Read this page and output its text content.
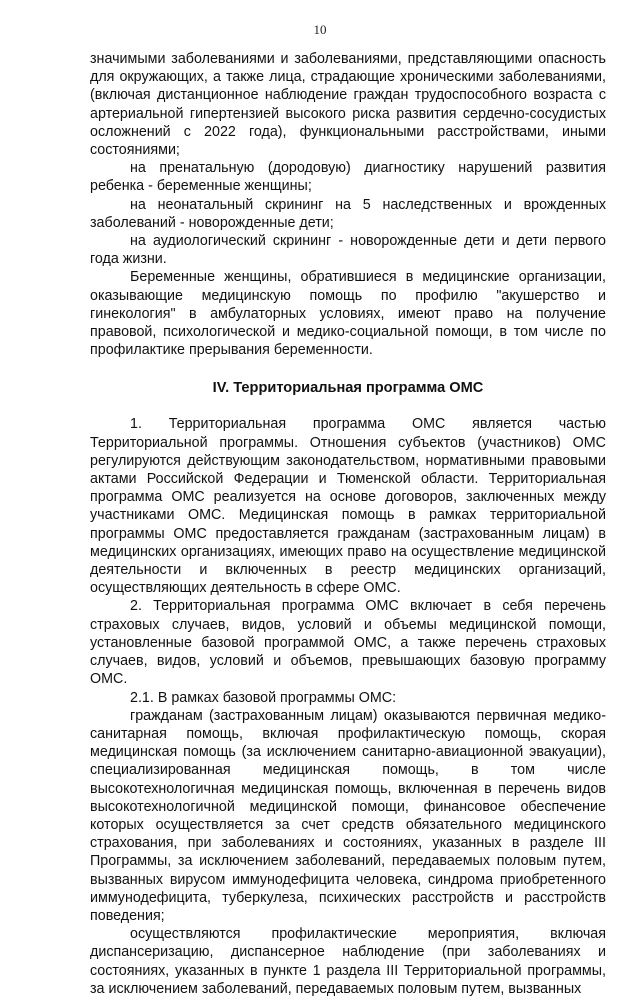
10

значимыми заболеваниями и заболеваниями, представляющими опасность для окружающих, а также лица, страдающие хроническими заболеваниями, (включая дистанционное наблюдение граждан трудоспособного возраста с артериальной гипертензией высокого риска развития сердечно-сосудистых осложнений с 2022 года), функциональными расстройствами, иными состояниями;

на пренатальную (дородовую) диагностику нарушений развития ребенка - беременные женщины;

на неонатальный скрининг на 5 наследственных и врожденных заболеваний - новорожденные дети;

на аудиологический скрининг - новорожденные дети и дети первого года жизни.

Беременные женщины, обратившиеся в медицинские организации, оказывающие медицинскую помощь по профилю "акушерство и гинекология" в амбулаторных условиях, имеют право на получение правовой, психологической и медико-социальной помощи, в том числе по профилактике прерывания беременности.

IV. Территориальная программа ОМС

1. Территориальная программа ОМС является частью Территориальной программы. Отношения субъектов (участников) ОМС регулируются действующим законодательством, нормативными правовыми актами Российской Федерации и Тюменской области. Территориальная программа ОМС реализуется на основе договоров, заключенных между участниками ОМС. Медицинская помощь в рамках территориальной программы ОМС предоставляется гражданам (застрахованным лицам) в медицинских организациях, имеющих право на осуществление медицинской деятельности и включенных в реестр медицинских организаций, осуществляющих деятельность в сфере ОМС.

2. Территориальная программа ОМС включает в себя перечень страховых случаев, видов, условий и объемы медицинской помощи, установленные базовой программой ОМС, а также перечень страховых случаев, видов, условий и объемов, превышающих базовую программу ОМС.

2.1. В рамках базовой программы ОМС:

гражданам (застрахованным лицам) оказываются первичная медико-санитарная помощь, включая профилактическую помощь, скорая медицинская помощь (за исключением санитарно-авиационной эвакуации), специализированная медицинская помощь, в том числе высокотехнологичная медицинская помощь, включенная в перечень видов высокотехнологичной медицинской помощи, финансовое обеспечение которых осуществляется за счет средств обязательного медицинского страхования, при заболеваниях и состояниях, указанных в разделе III Программы, за исключением заболеваний, передаваемых половым путем, вызванных вирусом иммунодефицита человека, синдрома приобретенного иммунодефицита, туберкулеза, психических расстройств и расстройств поведения;

осуществляются профилактические мероприятия, включая диспансеризацию, диспансерное наблюдение (при заболеваниях и состояниях, указанных в пункте 1 раздела III Территориальной программы, за исключением заболеваний, передаваемых половым путем, вызванных
